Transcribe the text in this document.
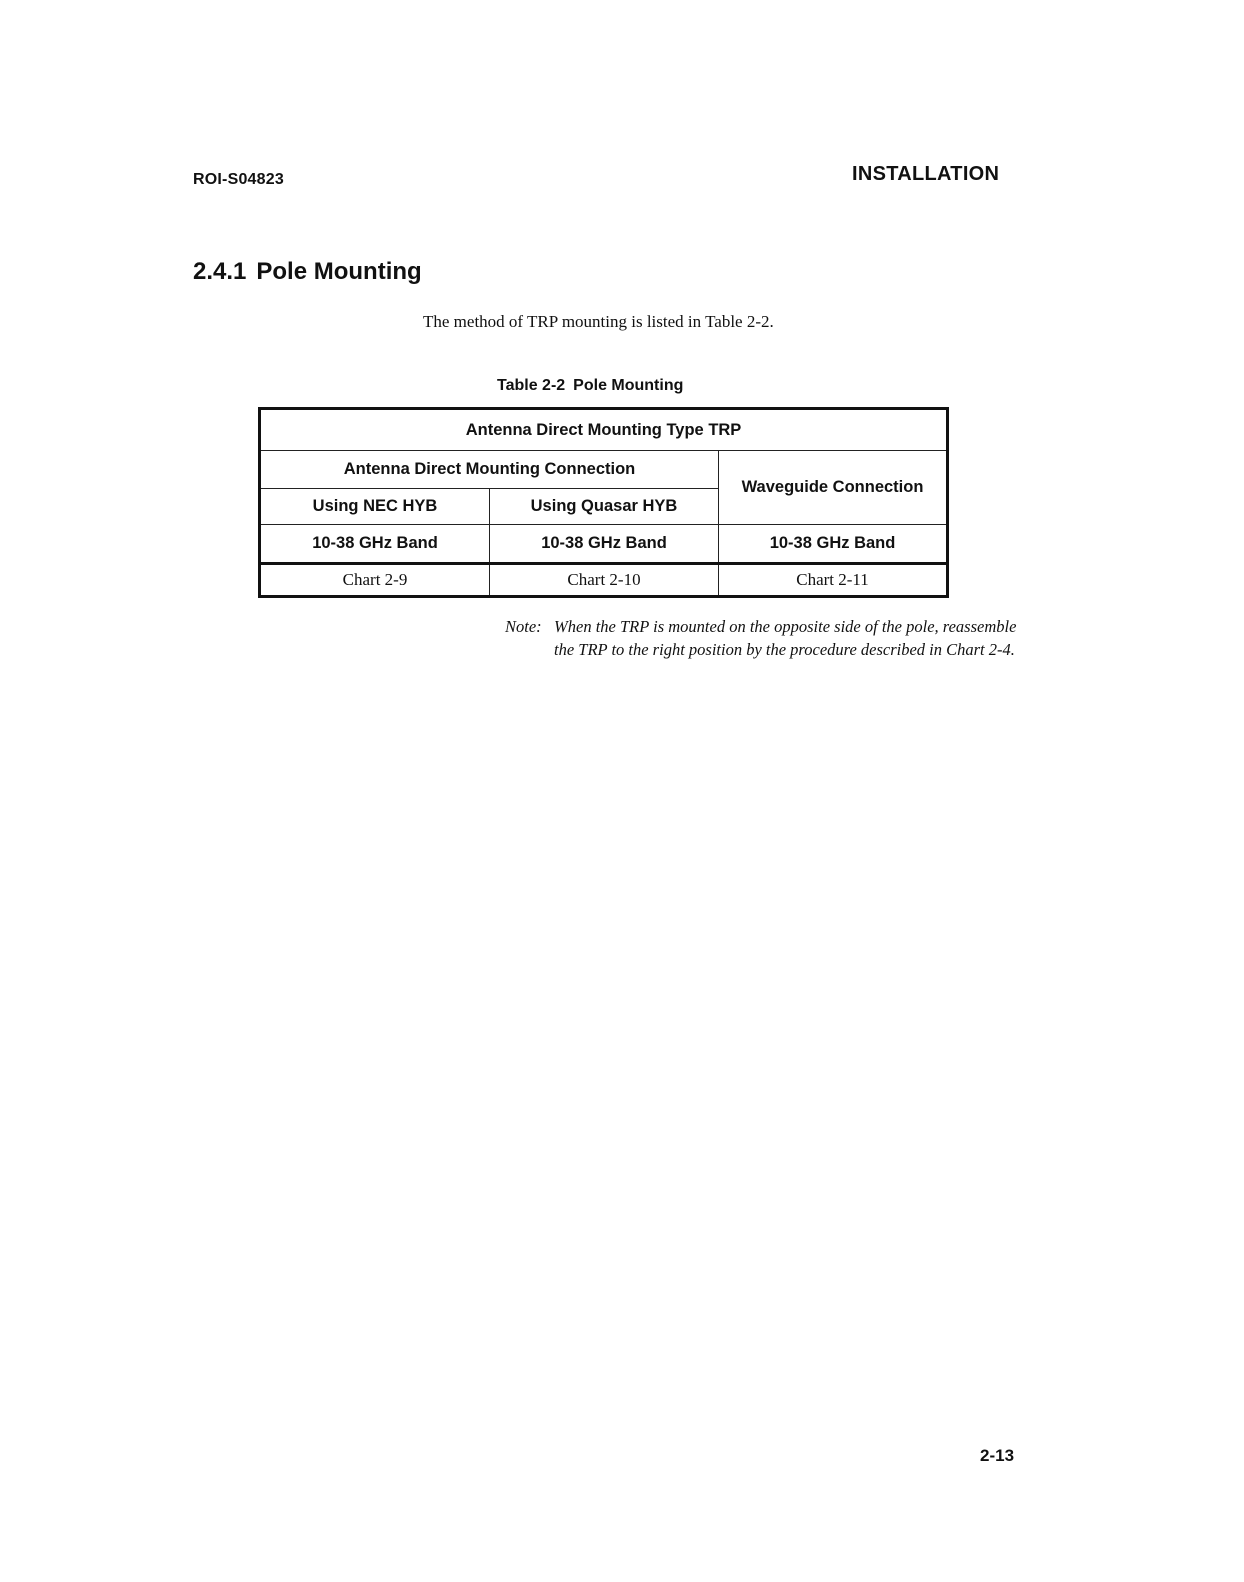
ROI-S04823	INSTALLATION
2.4.1 Pole Mounting

The method of TRP mounting is listed in Table 2-2.

Table 2-2 Pole Mounting
Antenna Direct Mounting Type TRP		
Antenna Direct Mounting Connection		Waveguide Connection
Using NEC HYB	Using Quasar HYB	
10-38 GHz Band	10-38 GHz Band	10-38 GHz Band
Chart 2-9	Chart 2-10	Chart 2-11
Note: When the TRP is mounted on the opposite side of the pole, reassemble the TRP to the right position by the procedure described in Chart 2-4.
2-13
